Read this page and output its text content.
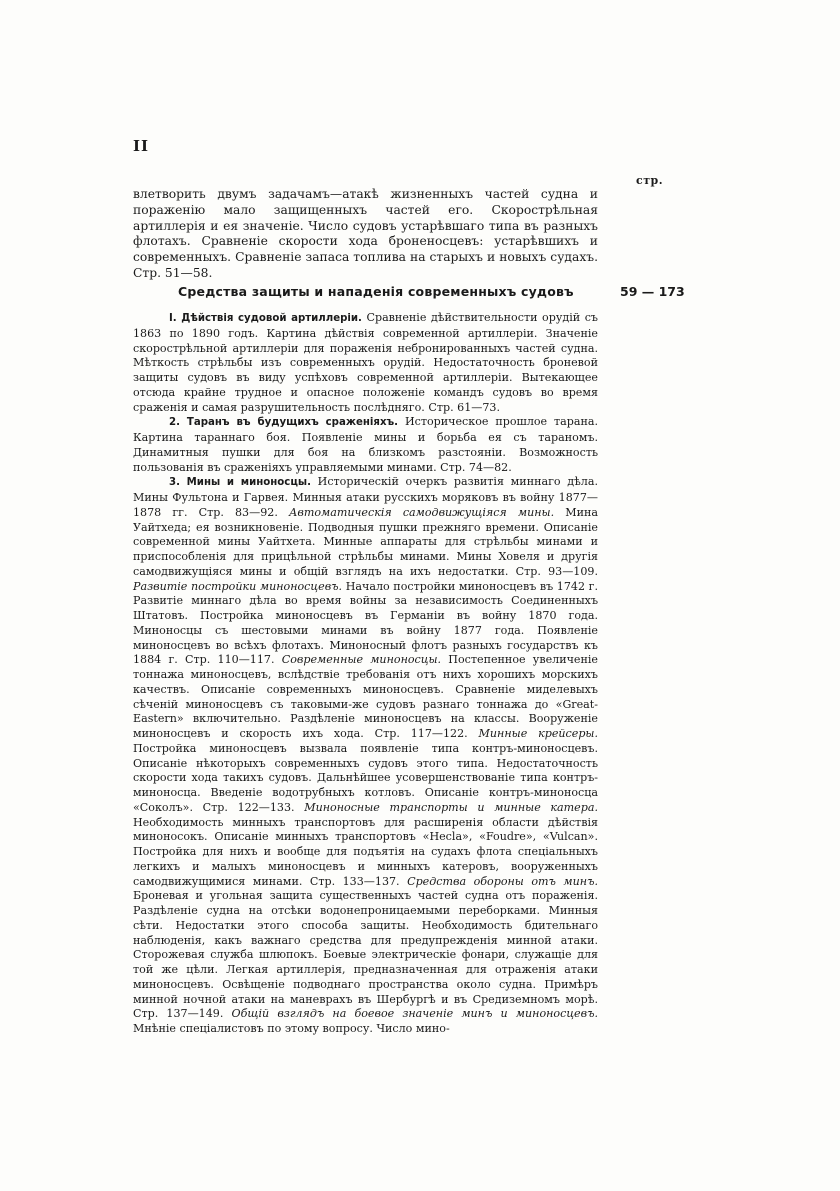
II
стр.
влетворить двумъ задачамъ—атакѣ жизненныхъ частей судна и пораженію мало защищенныхъ частей его. Скорострѣльная артиллерія и ея значеніе. Число судовъ устарѣвшаго типа въ разныхъ флотахъ. Сравненіе скорости хода броненосцевъ: устарѣвшихъ и современныхъ. Сравненіе запаса топлива на старыхъ и новыхъ судахъ. Стр. 51—58.
Средства защиты и нападенія современныхъ судовъ	59 — 173

I. Дѣйствія судовой артиллеріи. Сравненіе дѣйствительности орудій съ 1863 по 1890 годъ. Картина дѣйствія современной артиллеріи. Значеніе скорострѣльной артиллеріи для пораженія небронированныхъ частей судна. Мѣткость стрѣльбы изъ современныхъ орудій. Недостаточность броневой защиты судовъ въ виду успѣховъ современной артиллеріи. Вытекающее отсюда крайне трудное и опасное положеніе командъ судовъ во время сраженія и самая разрушительность послѣдняго. Стр. 61—73.

2. Таранъ въ будущихъ сраженіяхъ. Историческое прошлое тарана. Картина тараннаго боя. Появленіе мины и борьба ея съ тараномъ. Динамитныя пушки для боя на близкомъ разстояніи. Возможность пользованія въ сраженіяхъ управляемыми минами. Стр. 74—82.

3. Мины и миноносцы. Историческій очеркъ развитія миннаго дѣла. Мины Фультона и Гарвея. Минныя атаки русскихъ моряковъ въ войну 1877—1878 гг. Стр. 83—92. Автоматическія самодвижущіяся мины. Мина Уайтхеда; ея возникновеніе. Подводныя пушки прежняго времени. Описаніе современной мины Уайтхета. Минные аппараты для стрѣльбы минами и приспособленія для прицѣльной стрѣльбы минами. Мины Ховеля и другія самодвижущіяся мины и общій взглядъ на ихъ недостатки. Стр. 93—109. Развитіе постройки миноносцевъ. Начало постройки миноносцевъ въ 1742 г. Развитіе миннаго дѣла во время войны за независимость Соединенныхъ Штатовъ. Постройка миноносцевъ въ Германіи въ войну 1870 года. Миноносцы съ шестовыми минами въ войну 1877 года. Появленіе миноносцевъ во всѣхъ флотахъ. Миноносный флотъ разныхъ государствъ къ 1884 г. Стр. 110—117. Современные миноносцы. Постепенное увеличеніе тоннажа миноносцевъ, вслѣдствіе требованія отъ нихъ хорошихъ морскихъ качествъ. Описаніе современныхъ миноносцевъ. Сравненіе миделевыхъ сѣченій миноносцевъ съ таковыми-же судовъ разнаго тоннажа до «Great-Eastern» включительно. Раздѣленіе миноносцевъ на классы. Вооруженіе миноносцевъ и скорость ихъ хода. Стр. 117—122. Минные крейсеры. Постройка миноносцевъ вызвала появленіе типа контръ-миноносцевъ. Описаніе нѣкоторыхъ современныхъ судовъ этого типа. Недостаточность скорости хода такихъ судовъ. Дальнѣйшее усовершенствованіе типа контръ-миноносца. Введеніе водотрубныхъ котловъ. Описаніе контръ-миноносца «Соколъ». Стр. 122—133. Миноносные транспорты и минные катера. Необходимость минныхъ транспортовъ для расширенія области дѣйствія миноносокъ. Описаніе минныхъ транспортовъ «Hecla», «Foudre», «Vulcan». Постройка для нихъ и вообще для подъятія на судахъ флота спеціальныхъ легкихъ и малыхъ миноносцевъ и минныхъ катеровъ, вооруженныхъ самодвижущимися минами. Стр. 133—137. Средства обороны отъ минъ. Броневая и угольная защита существенныхъ частей судна отъ пораженія. Раздѣленіе судна на отсѣки водонепроницаемыми переборками. Минныя сѣти. Недостатки этого способа защиты. Необходимость бдительнаго наблюденія, какъ важнаго средства для предупрежденія минной атаки. Сторожевая служба шлюпокъ. Боевые электрическіе фонари, служащіе для той же цѣли. Легкая артиллерія, предназначенная для отраженія атаки миноносцевъ. Освѣщеніе подводнаго пространства около судна. Примѣръ минной ночной атаки на маневрахъ въ Шербургѣ и въ Средиземномъ морѣ. Стр. 137—149. Общій взглядъ на боевое значеніе минъ и миноносцевъ. Мнѣніе спеціалистовъ по этому вопросу. Число мино-
